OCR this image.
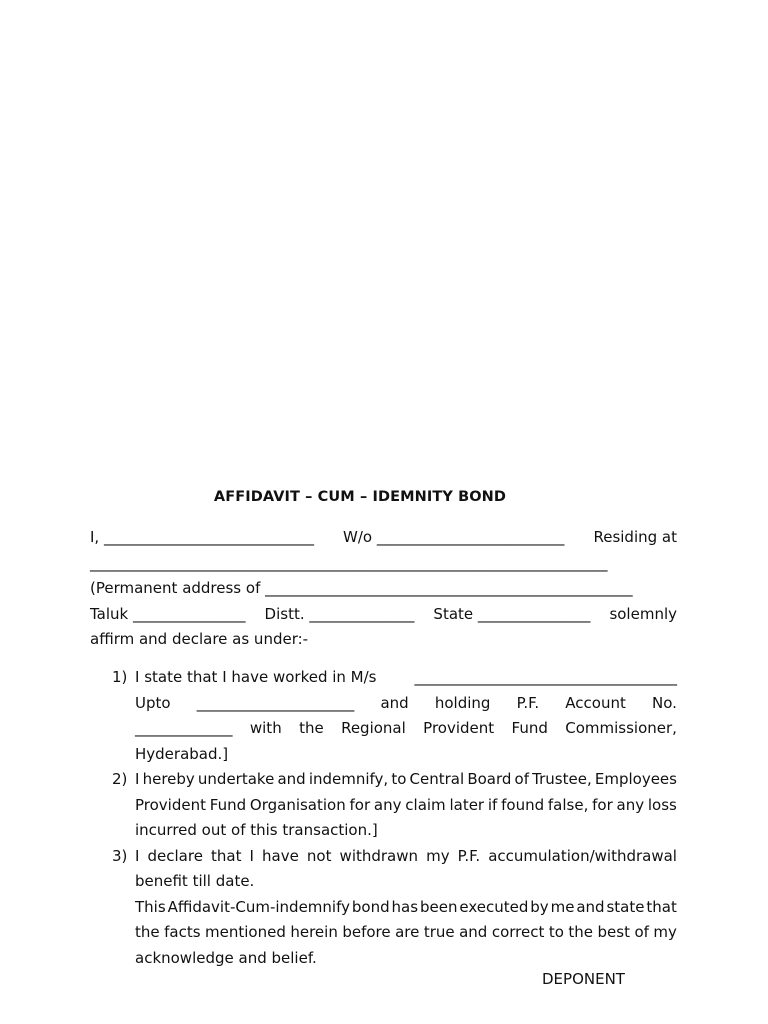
AFFIDAVIT – CUM – IDEMNITY BOND
I, ____________________________ W/o _________________________ Residing at
_____________________________________________________________________
(Permanent address of _________________________________________________
Taluk _______________ Distt. ______________ State _______________ solemnly
affirm and declare as under:-
1) I state that I have worked in M/s	___________________________________
Upto _____________________ and holding P.F. Account No.
_____________ with the Regional Provident Fund Commissioner,
Hyderabad.]
2) I hereby undertake and indemnify, to Central Board of Trustee, Employees
Provident Fund Organisation for any claim later if found false, for any loss
incurred out of this transaction.]
3) I declare that I have not withdrawn my P.F. accumulation/withdrawal
benefit till date.
This Affidavit-Cum-indemnify bond has been executed by me and state that
the facts mentioned herein before are true and correct to the best of my
acknowledge and belief.
DEPONENT
